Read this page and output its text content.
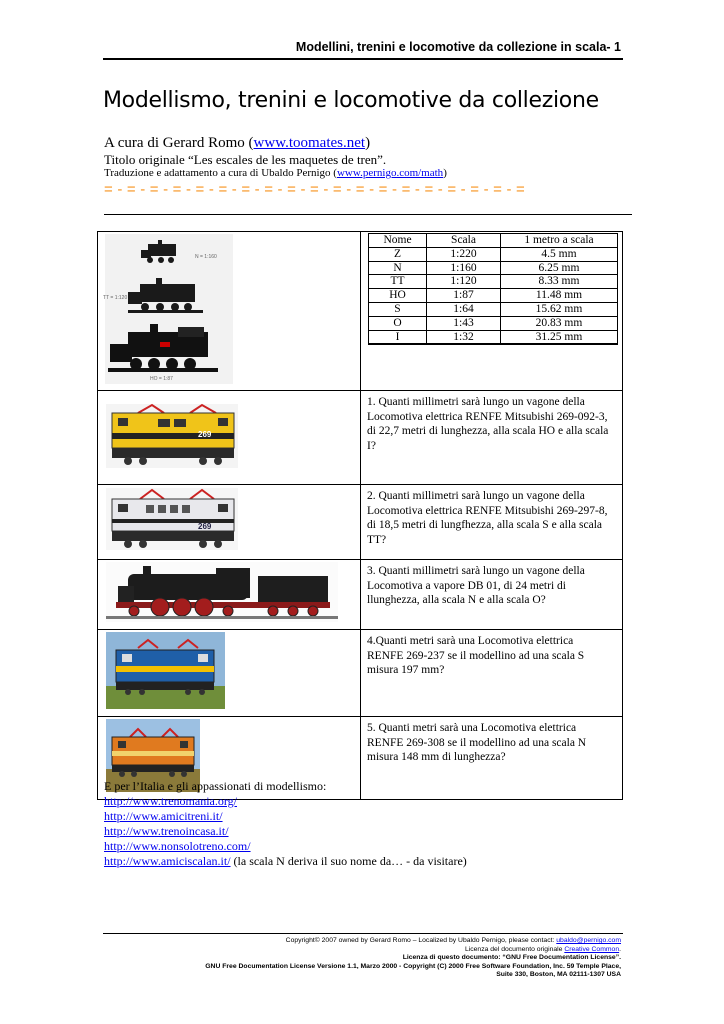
Modellini, trenini e locomotive da collezione in scala- 1
Modellismo, trenini e locomotive da collezione
A cura di Gerard Romo (www.toomates.net)
Titolo originale “Les escales de les maquetes de tren”.
Traduzione e adattamento a cura di Ubaldo Pernigo (www.pernigo.com/math)
= - = - = - = - = - = - = - = - = - = - = - = - = - = - = - = - = - = - =
N = 1:160
TT = 1:120
HO = 1:87

Nome	Scala	1 metro a scala
Z	1:220	4.5 mm
N	1:160	6.25 mm
TT	1:120	8.33 mm
HO	1:87	11.48 mm
S	1:64	15.62 mm
O	1:43	20.83 mm
I	1:32	31.25 mm

269
	1. Quanti millimetri sarà lungo un vagone della Locomotiva elettrica RENFE Mitsubishi 269-092-3, di 22,7 metri di lunghezza, alla scala HO e alla scala I?

269
	2. Quanti millimetri sarà lungo un vagone della Locomotiva elettrica RENFE Mitsubishi 269-297-8, di 18,5 metri di lungfhezza, alla scala S e alla scala TT?
	3. Quanti millimetri sarà lungo un vagone della Locomotiva a vapore DB 01, di 24 metri di llunghezza, alla scala N e alla scala O?
	4.Quanti metri sarà una Locomotiva elettrica RENFE 269-237 se il modellino ad una scala S misura 197 mm?
	5. Quanti metri sarà una Locomotiva elettrica RENFE 269-308 se il modellino ad una scala N misura 148 mm di lunghezza?
E per l’Italia e gli appassionati di modellismo:
http://www.trenomania.org/
http://www.amicitreni.it/
http://www.trenoincasa.it/
http://www.nonsolotreno.com/
http://www.amiciscalan.it/ (la scala N deriva il suo nome da… - da visitare)
Copyright© 2007 owned by Gerard Romo – Localized by Ubaldo Pernigo, please contact: ubaldo@pernigo.com
Licenza del documento originale Creative Common.
Licenza di questo documento: “GNU Free Documentation License”.
GNU Free Documentation License Versione 1.1, Marzo 2000 - Copyright (C) 2000 Free Software Foundation, Inc. 59 Temple Place,
Suite 330, Boston, MA 02111-1307 USA
